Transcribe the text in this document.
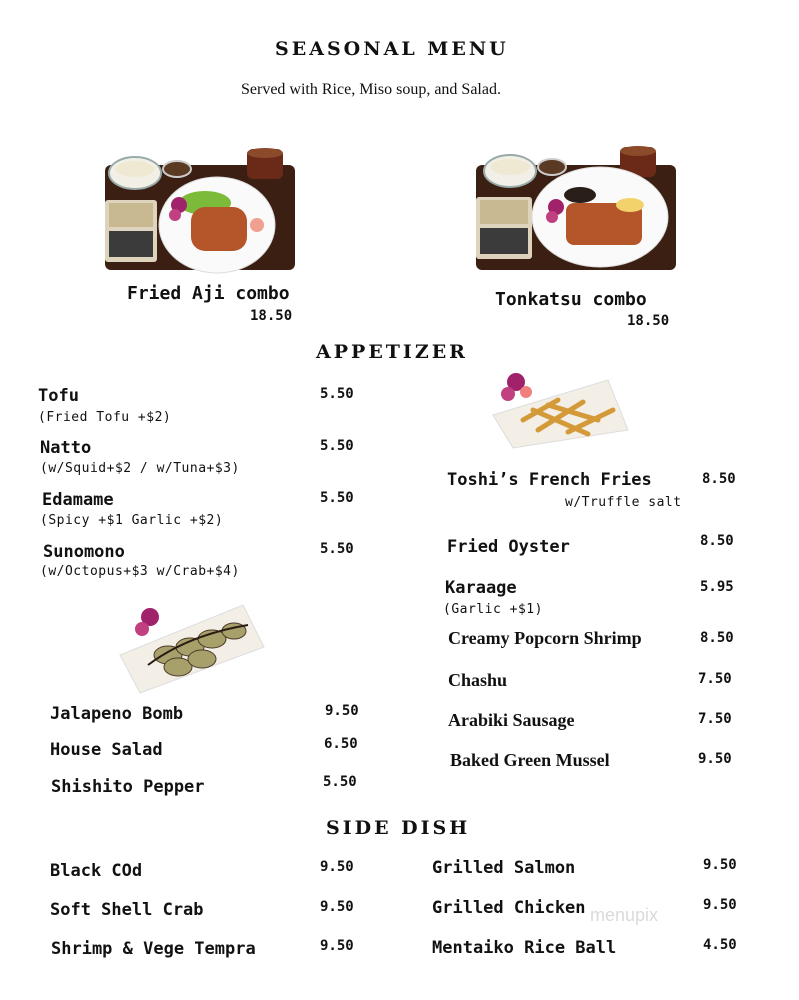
SEASONAL MENU
Served with Rice, Miso soup, and Salad.
Fried Aji combo
18.50
Tonkatsu combo
18.50
APPETIZER
Tofu
(Fried Tofu +$2)
5.50
Natto
(w/Squid+$2 / w/Tuna+$3)
5.50
Edamame
(Spicy +$1 Garlic +$2)
5.50
Sunomono
(w/Octopus+$3 w/Crab+$4)
5.50
Jalapeno Bomb	9.50
House Salad	6.50
Shishito Pepper	5.50
Toshi’s French Fries
w/Truffle salt
8.50
Fried Oyster	8.50
Karaage
(Garlic +$1)
5.95
Creamy Popcorn Shrimp	8.50
Chashu	7.50
Arabiki Sausage	7.50
Baked Green Mussel	9.50
SIDE DISH
Black COd	9.50
Soft Shell Crab	9.50
Shrimp & Vege Tempra	9.50
Grilled Salmon	9.50
Grilled Chicken	9.50
Mentaiko Rice Ball	4.50
menupix
